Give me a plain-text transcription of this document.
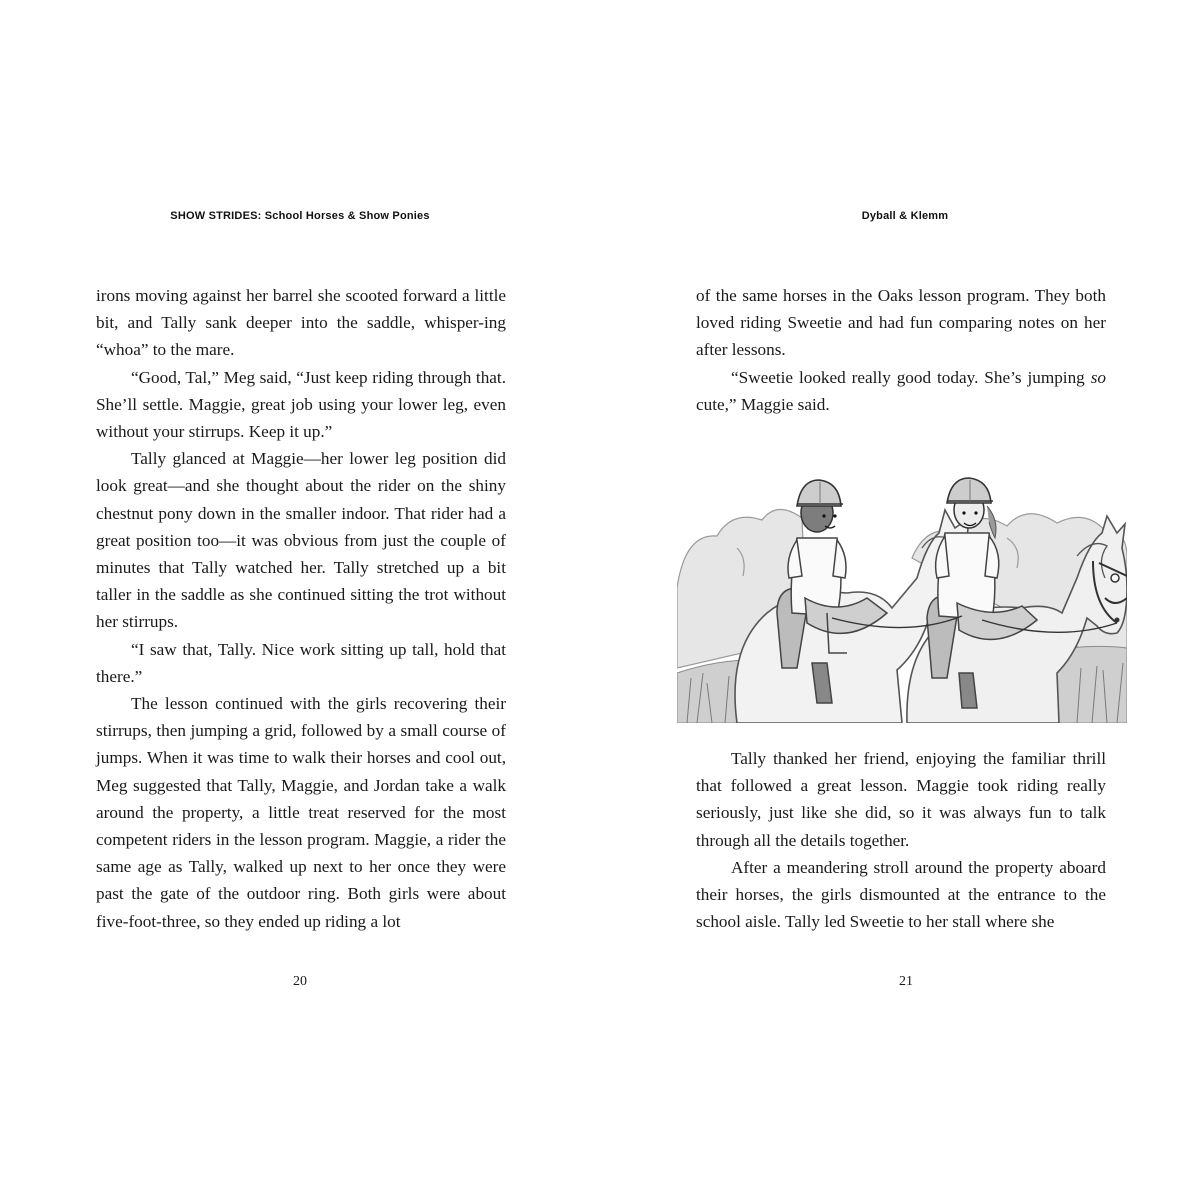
SHOW STRIDES: School Horses & Show Ponies

irons moving against her barrel she scooted forward a little bit, and Tally sank deeper into the saddle, whisper-ing “whoa” to the mare.

“Good, Tal,” Meg said, “Just keep riding through that. She’ll settle. Maggie, great job using your lower leg, even without your stirrups. Keep it up.”

Tally glanced at Maggie—her lower leg position did look great—and she thought about the rider on the shiny chestnut pony down in the smaller indoor. That rider had a great position too—it was obvious from just the couple of minutes that Tally watched her. Tally stretched up a bit taller in the saddle as she continued sitting the trot without her stirrups.

“I saw that, Tally. Nice work sitting up tall, hold that there.”

The lesson continued with the girls recovering their stirrups, then jumping a grid, followed by a small course of jumps. When it was time to walk their horses and cool out, Meg suggested that Tally, Maggie, and Jordan take a walk around the property, a little treat reserved for the most competent riders in the lesson program. Maggie, a rider the same age as Tally, walked up next to her once they were past the gate of the outdoor ring. Both girls were about five-foot-three, so they ended up riding a lot

20
Dyball & Klemm

of the same horses in the Oaks lesson program. They both loved riding Sweetie and had fun comparing notes on her after lessons.

“Sweetie looked really good today. She’s jumping so cute,” Maggie said.

Tally thanked her friend, enjoying the familiar thrill that followed a great lesson. Maggie took riding really seriously, just like she did, so it was always fun to talk through all the details together.

After a meandering stroll around the property aboard their horses, the girls dismounted at the entrance to the school aisle. Tally led Sweetie to her stall where she

21
